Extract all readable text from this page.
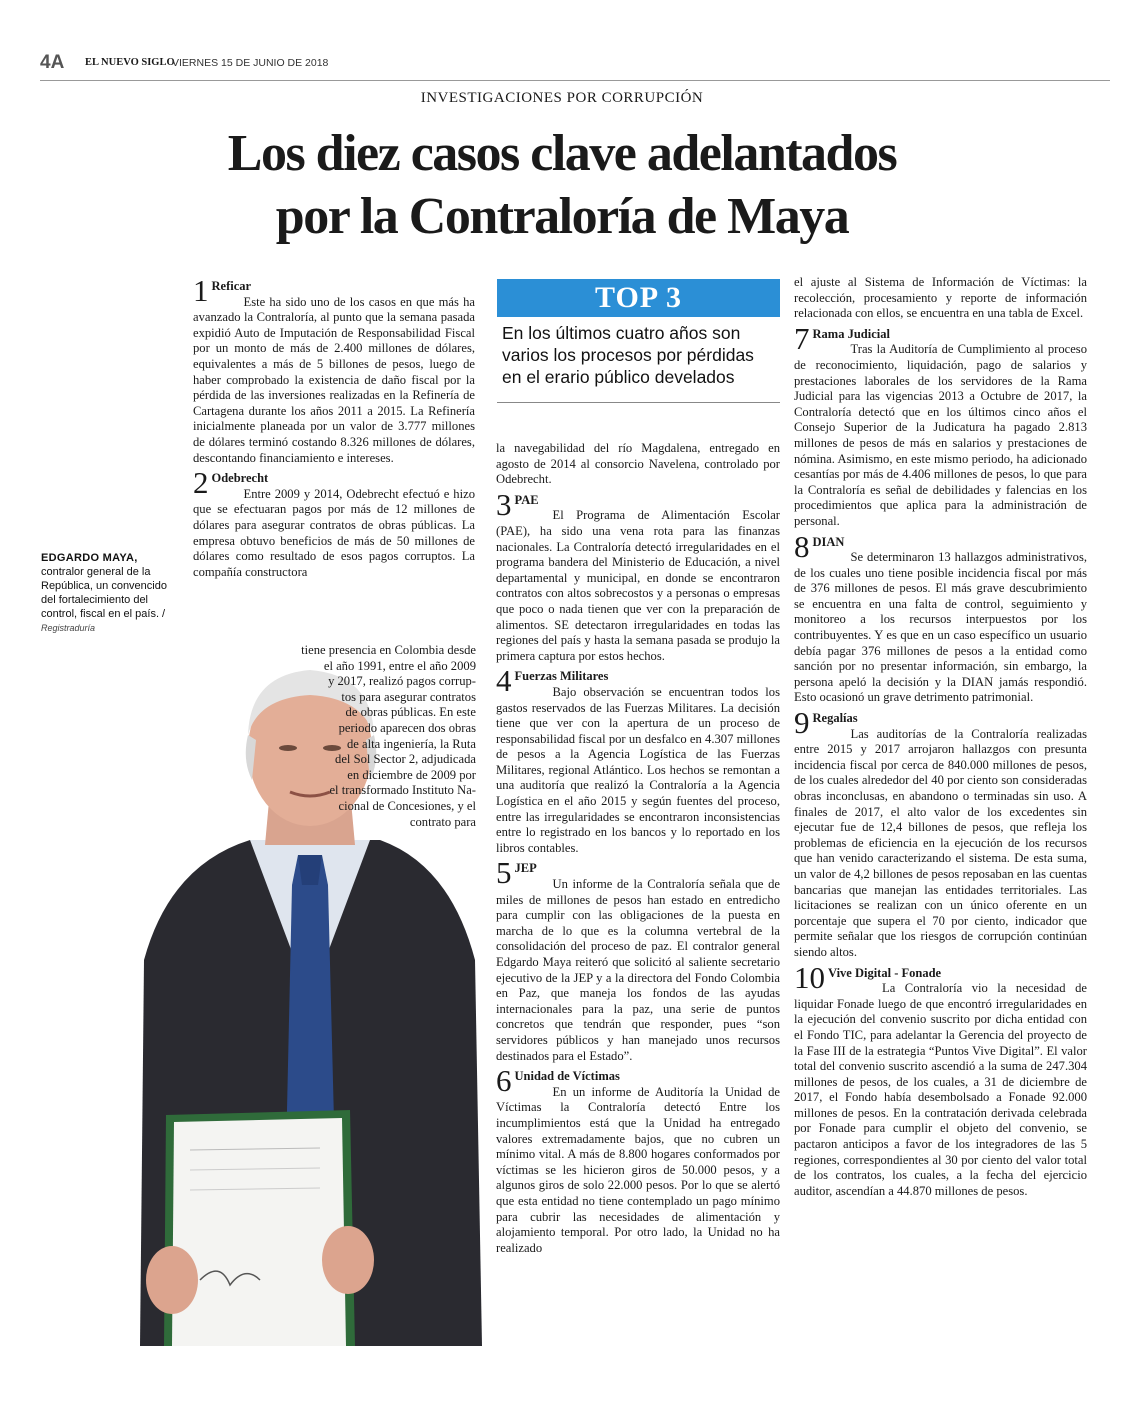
4A EL NUEVO SIGLO
VIERNES 15 DE JUNIO DE 2018
INVESTIGACIONES POR CORRUPCIÓN
Los diez casos clave adelantados
por la Contraloría de Maya
1 Reficar

Este ha sido uno de los casos en que más ha avanzado la Contraloría, al punto que la semana pasada expidió Auto de Imputación de Responsabilidad Fiscal por un monto de más de 2.400 millones de dólares, equivalentes a más de 5 billones de pesos, luego de haber comprobado la existencia de daño fiscal por la pérdida de las inversiones realizadas en la Refinería de Cartagena durante los años 2011 a 2015. La Refinería inicialmente planeada por un valor de 3.777 millones de dólares terminó costando 8.326 millones de dólares, descontando financiamiento e intereses.

2 Odebrecht

Entre 2009 y 2014, Odebrecht efectuó e hizo que se efectuaran pagos por más de 12 millones de dólares para asegurar contratos de obras públicas. La empresa obtuvo beneficios de más de 50 millones de dólares como resultado de esos pagos corruptos. La compañía constructora

EDGARDO MAYA,
contralor general de la República, un convencido del fortalecimiento del control, fiscal en el país. /
Registraduría
tiene presencia en Colombia desde
el año 1991, entre el año 2009
y 2017, realizó pagos corrup-
tos para asegurar contratos
de obras públicas. En este
periodo aparecen dos obras
de alta ingeniería, la Ruta
del Sol Sector 2, adjudicada
en diciembre de 2009 por
el transformado Instituto Na-
cional de Concesiones, y el
contrato para
TOP 3
En los últimos cuatro años son varios los procesos por pérdidas en el erario público develados

la navegabilidad del río Magdalena, entregado en agosto de 2014 al consorcio Navelena, controlado por Odebrecht.

3 PAE

El Programa de Alimentación Escolar (PAE), ha sido una vena rota para las finanzas nacionales. La Contraloría detectó irregularidades en el programa bandera del Ministerio de Educación, a nivel departamental y municipal, en donde se encontraron contratos con altos sobrecostos y a personas o empresas que poco o nada tienen que ver con la preparación de alimentos. SE detectaron irregularidades en todas las regiones del país y hasta la semana pasada se produjo la primera captura por estos hechos.

4 Fuerzas Militares

Bajo observación se encuentran todos los gastos reservados de las Fuerzas Militares. La decisión tiene que ver con la apertura de un proceso de responsabilidad fiscal por un desfalco en 4.307 millones de pesos a la Agencia Logística de las Fuerzas Militares, regional Atlántico. Los hechos se remontan a una auditoría que realizó la Contraloría a la Agencia Logística en el año 2015 y según fuentes del proceso, entre las irregularidades se encontraron inconsistencias entre lo registrado en los bancos y lo reportado en los libros contables.

5 JEP

Un informe de la Contraloría señala que de miles de millones de pesos han estado en entredicho para cumplir con las obligaciones de la puesta en marcha de lo que es la columna vertebral de la consolidación del proceso de paz. El contralor general Edgardo Maya reiteró que solicitó al saliente secretario ejecutivo de la JEP y a la directora del Fondo Colombia en Paz, que maneja los fondos de las ayudas internacionales para la paz, una serie de puntos concretos que tendrán que responder, pues “son servidores públicos y han manejado unos recursos destinados para el Estado”.

6 Unidad de Víctimas

En un informe de Auditoría la Unidad de Víctimas la Contraloría detectó Entre los incumplimientos está que la Unidad ha entregado valores extremadamente bajos, que no cubren un mínimo vital. A más de 8.800 hogares conformados por víctimas se les hicieron giros de 50.000 pesos, y a algunos giros de solo 22.000 pesos. Por lo que se alertó que esta entidad no tiene contemplado un pago mínimo para cubrir las necesidades de alimentación y alojamiento temporal. Por otro lado, la Unidad no ha realizado

el ajuste al Sistema de Información de Víctimas: la recolección, procesamiento y reporte de información relacionada con ellos, se encuentra en una tabla de Excel.

7 Rama Judicial

Tras la Auditoría de Cumplimiento al proceso de reconocimiento, liquidación, pago de salarios y prestaciones laborales de los servidores de la Rama Judicial para las vigencias 2013 a Octubre de 2017, la Contraloría detectó que en los últimos cinco años el Consejo Superior de la Judicatura ha pagado 2.813 millones de pesos de más en salarios y prestaciones de nómina. Asimismo, en este mismo periodo, ha adicionado cesantías por más de 4.406 millones de pesos, lo que para la Contraloría es señal de debilidades y falencias en los procedimientos que aplica para la administración de personal.

8 DIAN

Se determinaron 13 hallazgos administrativos, de los cuales uno tiene posible incidencia fiscal por más de 376 millones de pesos. El más grave descubrimiento se encuentra en una falta de control, seguimiento y monitoreo a los recursos interpuestos por los contribuyentes. Y es que en un caso específico un usuario debía pagar 376 millones de pesos a la entidad como sanción por no presentar información, sin embargo, la persona apeló la decisión y la DIAN jamás respondió. Esto ocasionó un grave detrimento patrimonial.

9 Regalías

Las auditorías de la Contraloría realizadas entre 2015 y 2017 arrojaron hallazgos con presunta incidencia fiscal por cerca de 840.000 millones de pesos, de los cuales alrededor del 40 por ciento son consideradas obras inconclusas, en abandono o terminadas sin uso. A finales de 2017, el alto valor de los excedentes sin ejecutar fue de 12,4 billones de pesos, que refleja los problemas de eficiencia en la ejecución de los recursos que han venido caracterizando el sistema. De esta suma, un valor de 4,2 billones de pesos reposaban en las cuentas bancarias que manejan las entidades territoriales. Las licitaciones se realizan con un único oferente en un porcentaje que supera el 70 por ciento, indicador que permite señalar que los riesgos de corrupción continúan siendo altos.

10 Vive Digital - Fonade

La Contraloría vio la necesidad de liquidar Fonade luego de que encontró irregularidades en la ejecución del convenio suscrito por dicha entidad con el Fondo TIC, para adelantar la Gerencia del proyecto de la Fase III de la estrategia “Puntos Vive Digital”. El valor total del convenio suscrito ascendió a la suma de 247.304 millones de pesos, de los cuales, a 31 de diciembre de 2017, el Fondo había desembolsado a Fonade 92.000 millones de pesos. En la contratación derivada celebrada por Fonade para cumplir el objeto del convenio, se pactaron anticipos a favor de los integradores de las 5 regiones, correspondientes al 30 por ciento del valor total de los contratos, los cuales, a la fecha del ejercicio auditor, ascendían a 44.870 millones de pesos.
